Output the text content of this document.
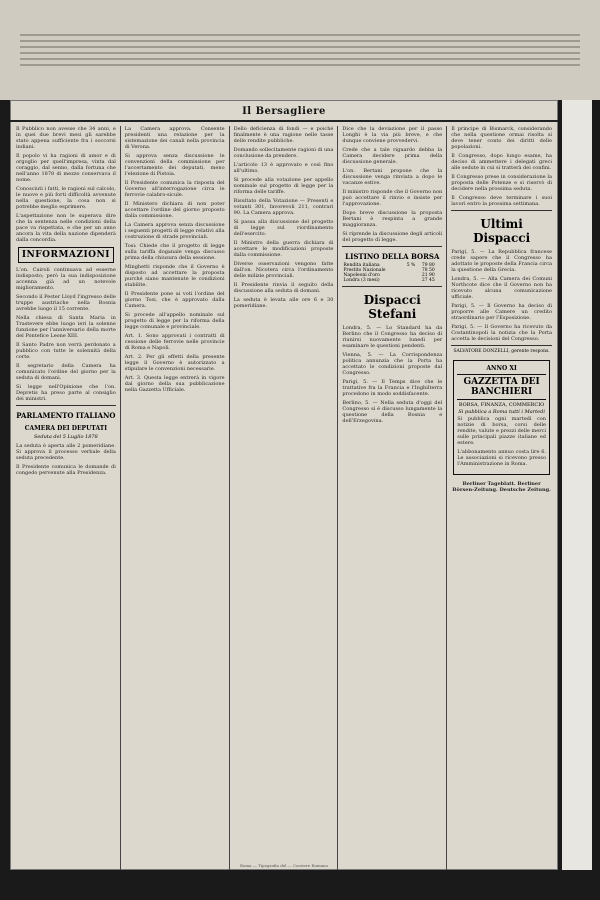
Il Bersagliere

Il Pubblico non avesse che 34 anni, e in quei due brevi mesi gli sarebbe stato appena sufficiente fra i soccorsi indiani.

Il popolo vi ha ragioni di amor e di orgoglio per quell'impresa, vinta dal coraggio, dal senno, dalla fortuna che nell'anno 1878 di mezzo conservava il nome.

Conosciuti i fatti, le ragioni sul calcolo, le nuove e più forti difficoltà avvenute nella questione, la cosa non si potrebbe meglio esprimere.

L'aspettazione non le superava dire che la sentenza nelle condizioni della pace va rispettata, e che per un anno ancora la vita della nazione dipenderà dalla concordia.

INFORMAZIONI

L'on. Cairoli continuava ad esserne indisposto; però la sua indisposizione accenna già ad un notevole miglioramento.

Secondo il Pester Lloyd l'ingresso delle truppe austriache nella Bosnia avrebbe luogo il 15 corrente.

Nella chiesa di Santa Maria in Trastevere ebbe luogo ieri la solenne funzione per l'anniversario della morte del Pontefice Leone XIII.

Il Santo Padre non verrà perdonato a pubblico con tutte le solennità della corte.

Il segretario della Camera ha comunicato l'ordine del giorno per la seduta di domani.

Si legge nell'Opinione che l'on. Depretis ha preso parte al consiglio dei ministri.

PARLAMENTO ITALIANO
CAMERA DEI DEPUTATI
Seduta del 5 Luglio 1878

La seduta è aperta alle 2 pomeridiane. Si approva il processo verbale della seduta precedente.

Il Presidente comunica le domande di congedo pervenute alla Presidenza.

La Camera approva. Consente presidenti una relazione per la sistemazione dei canali nella provincia di Verona.

Si approva senza discussione le convenzioni della commissione per l'accertamento dei deputati, meno l'elezione di Pistoia.

Il Presidente comunica la risposta del Governo all'interrogazione circa le ferrovie calabro-sicule.

Il Ministero dichiara di non poter accettare l'ordine del giorno proposto dalla commissione.

La Camera approva senza discussione i seguenti progetti di legge relativi alla costruzione di strade provinciali.

Tosi: Chiede che il progetto di legge sulla tariffa doganale venga discusso prima della chiusura della sessione.

Minghetti risponde che il Governo è disposto ad accettare la proposta purché siano mantenute le condizioni stabilite.

Il Presidente pone ai voti l'ordine del giorno Tosi, che è approvato dalla Camera.

Si procede all'appello nominale sul progetto di legge per la riforma della legge comunale e provinciale.

Art. 1. Sono approvati i contratti di cessione delle ferrovie nelle provincie di Roma e Napoli.

Art. 2. Per gli effetti della presente legge il Governo è autorizzato a stipulare le convenzioni necessarie.

Art. 3. Questa legge entrerà in vigore dal giorno della sua pubblicazione nella Gazzetta Ufficiale.

Dello deficienza di fondi — e poiché finalmente è una ragione nelle tasse delle rendite pubbliche.

Domando sollecitamente ragioni di una conclusione da prendere.

L'articolo 13 è approvato e così fino all'ultimo.

Si procede alla votazione per appello nominale sul progetto di legge per la riforma delle tariffe.

Risultato della Votazione — Presenti e votanti 301, favorevoli 211, contrari 90. La Camera approva.

Si passa alla discussione del progetto di legge sul riordinamento dell'esercito.

Il Ministro della guerra dichiara di accettare le modificazioni proposte dalla commissione.

Diverse osservazioni vengono fatte dall'on. Nicotera circa l'ordinamento delle milizie provinciali.

Il Presidente rinvia il seguito della discussione alla seduta di domani.

La seduta è levata alle ore 6 e 30 pomeridiane.

Dice che la deviazione per il passo Longhi è la via più breve, e che dunque conviene provvedervi.

Crede che a tale riguardo debba la Camera decidere prima della discussione generale.

L'on. Bertani propone che la discussione venga rinviata a dopo le vacanze estive.

Il ministro risponde che il Governo non può accettare il rinvio e insiste per l'approvazione.

Dopo breve discussione la proposta Bertani è respinta a grande maggioranza.

Si riprende la discussione degli articoli del progetto di legge.

LISTINO DELLA BORSA
Rendita italiana	5 %	79 80
Prestito Nazionale		78 50
Napoleoni d'oro		21 90
Londra (3 mesi)		27 45
Dispacci Stefani

Londra, 5. — Lo Standard ha da Berlino che il Congresso ha deciso di riunirsi nuovamente lunedì per esaminare le questioni pendenti.

Vienna, 5. — La Corrispondenza politica annunzia che la Porta ha accettato le condizioni proposte dal Congresso.

Parigi, 5. — Il Temps dice che le trattative fra la Francia e l'Inghilterra procedono in modo soddisfacente.

Berlino, 5. — Nella seduta d'oggi del Congresso si è discusso lungamente la questione della Bosnia e dell'Erzegovina.

Il principe di Bismarck, considerando che nella questione ormai risolta si deve tener conto dei diritti delle popolazioni.

Il Congresso, dopo lungo esame, ha deciso di ammettere i delegati greci alle sedute in cui si tratterà dei confini.

Il Congresso prese in considerazione la proposta delle Potenze e si riservò di decidere nella prossima seduta.

Il Congresso deve terminare i suoi lavori entro la prossima settimana.

Ultimi Dispacci

Parigi, 5. — La Repubblica francese crede sapere che il Congresso ha adottato le proposte della Francia circa la questione della Grecia.

Londra, 5. — Alla Camera dei Comuni Northcote dice che il Governo non ha ricevuto alcuna comunicazione ufficiale.

Parigi, 5. — Il Governo ha deciso di proporre alle Camere un credito straordinario per l'Esposizione.

Parigi, 5. — Il Governo ha ricevuto da Costantinopoli la notizia che la Porta accetta le decisioni del Congresso.

SALVATORE DONZELLI, gerente respons.
ANNO XI
GAZZETTA DEI BANCHIERI
BORSA, FINANZA, COMMERCIO
Si pubblica a Roma tutti i Martedì

Si pubblica ogni martedì con notizie di borsa, corsi delle rendite, valute e prezzi delle merci sulle principali piazze italiane ed estere.

L'abbonamento annuo costa lire 6. Le associazioni si ricevono presso l'Amministrazione in Roma.

Berliner Tageblatt. Berliner Börsen-Zeitung. Deutsche Zeitung.

Roma — Tipografia del — Corriere Romano
